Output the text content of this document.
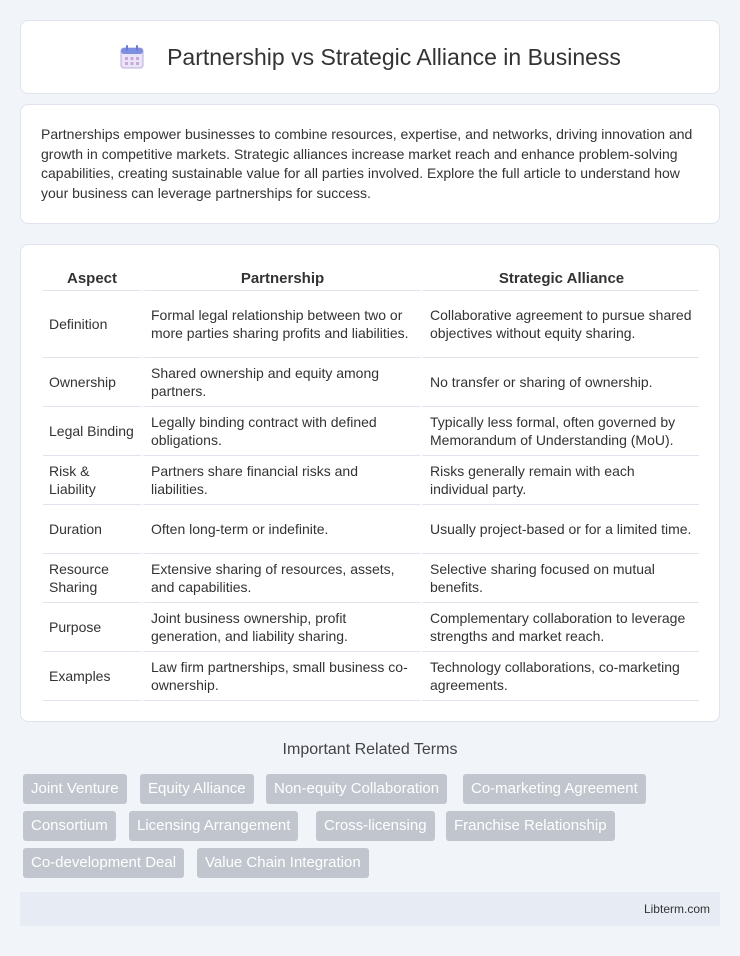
Partnership vs Strategic Alliance in Business

Partnerships empower businesses to combine resources, expertise, and networks, driving innovation and growth in competitive markets. Strategic alliances increase market reach and enhance problem-solving capabilities, creating sustainable value for all parties involved. Explore the full article to understand how your business can leverage partnerships for success.

Aspect	Partnership	Strategic Alliance
Definition	Formal legal relationship between two or more parties sharing profits and liabilities.	Collaborative agreement to pursue shared objectives without equity sharing.
Ownership	Shared ownership and equity among partners.	No transfer or sharing of ownership.
Legal Binding	Legally binding contract with defined obligations.	Typically less formal, often governed by Memorandum of Understanding (MoU).
Risk & Liability	Partners share financial risks and liabilities.	Risks generally remain with each individual party.
Duration	Often long-term or indefinite.	Usually project-based or for a limited time.
Resource Sharing	Extensive sharing of resources, assets, and capabilities.	Selective sharing focused on mutual benefits.
Purpose	Joint business ownership, profit generation, and liability sharing.	Complementary collaboration to leverage strengths and market reach.
Examples	Law firm partnerships, small business co-ownership.	Technology collaborations, co-marketing agreements.
Important Related Terms
Joint Venture	Equity Alliance	Non-equity Collaboration	Co-marketing Agreement
Consortium	Licensing Arrangement	Cross-licensing	Franchise Relationship
Co-development Deal	Value Chain Integration
Libterm.com
